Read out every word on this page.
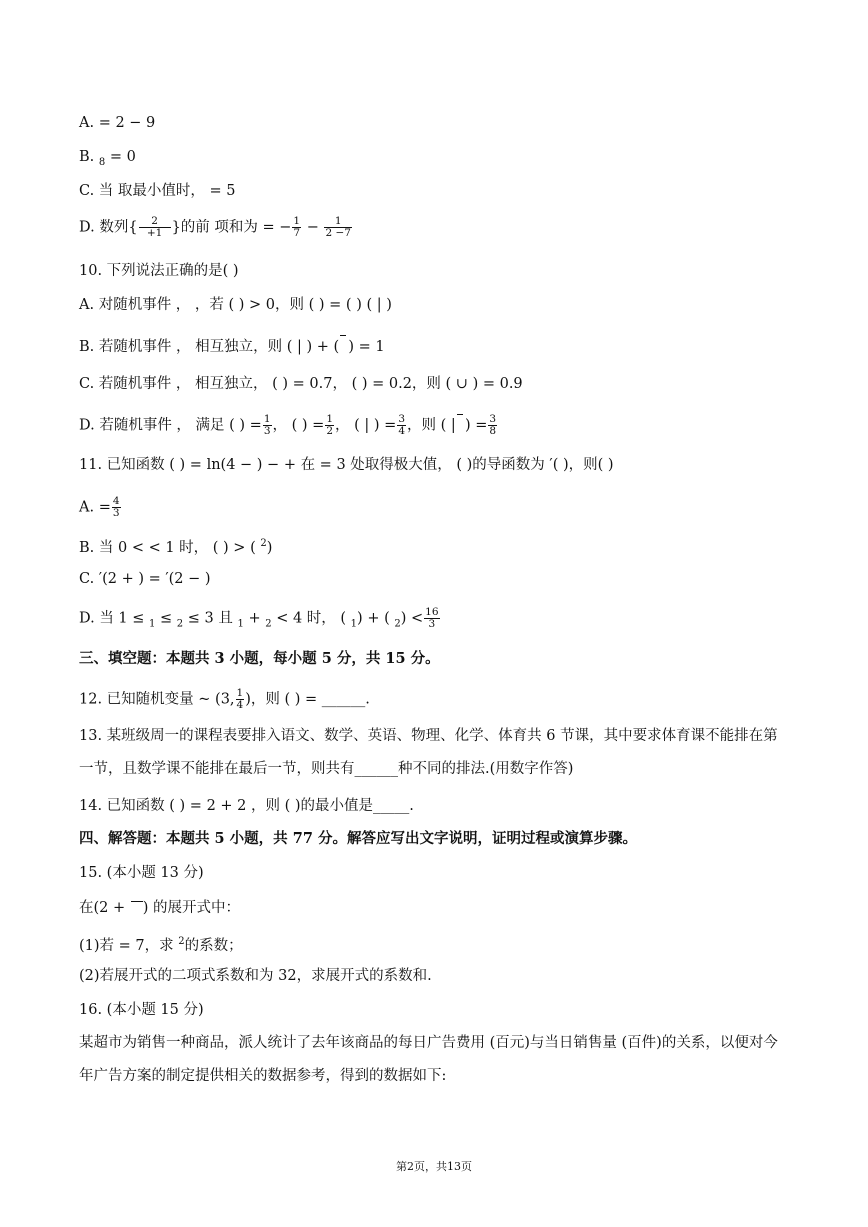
A. = 2 − 9
B. $_8$ = 0
C. 当 取最小值时， = 5
D. 数列{ $\frac{2}{+1}$ }的前 项和为 = − $\frac{1}{7} - \frac{1}{2 -7}$
10. 下列说法正确的是( )
A. 对随机事件 ， ，若 ( ) > 0，则 ( ) = ( ) ( | )
B. 若随机事件 ， 相互独立，则 ( | ) + ( ) = 1
C. 若随机事件 ， 相互独立， ( ) = 0.7， ( ) = 0.2，则 ( ∪ ) = 0.9
D. 若随机事件 ， 满足 ( ) = $\frac{1}{3}$ ， ( ) = $\frac{1}{2}$ ， ( | ) = $\frac{3}{4}$ ，则 ( | ) = $\frac{3}{8}$
11. 已知函数 ( ) = ln(4 − ) − + 在 = 3 处取得极大值， ( )的导函数为 ′( )，则( )
A. = $\frac{4}{3}$
B. 当 0 < < 1 时， ( ) > ( $^2$)
C. ′(2 + ) = ′(2 − )
D. 当 1 ≤ $_1$ ≤ $_2$ ≤ 3 且 $_1$ + $_2$ < 4 时， ( $_1$) + ( $_2) < \frac{16}{3}$
三、填空题：本题共 3 小题，每小题 5 分，共 15 分。
12. 已知随机变量 ~ (3, $\frac{1}{4}$ )，则 ( ) = ______.
13. 某班级周一的课程表要排入语文、数学、英语、物理、化学、体育共 6 节课，其中要求体育课不能排在第一节，且数学课不能排在最后一节，则共有______种不同的排法.(用数字作答)
14. 已知函数 ( ) = 2 + 2 ，则 ( )的最小值是_____.
四、解答题：本题共 5 小题，共 77 分。解答应写出文字说明，证明过程或演算步骤。
15. (本小题 13 分)
在(2 + ) 的展开式中：
(1)若 = 7，求 $^2$的系数；
(2)若展开式的二项式系数和为 32，求展开式的系数和.
16. (本小题 15 分)
某超市为销售一种商品，派人统计了去年该商品的每日广告费用 (百元)与当日销售量 (百件)的关系，以便对今年广告方案的制定提供相关的数据参考，得到的数据如下:
第2页，共13页
